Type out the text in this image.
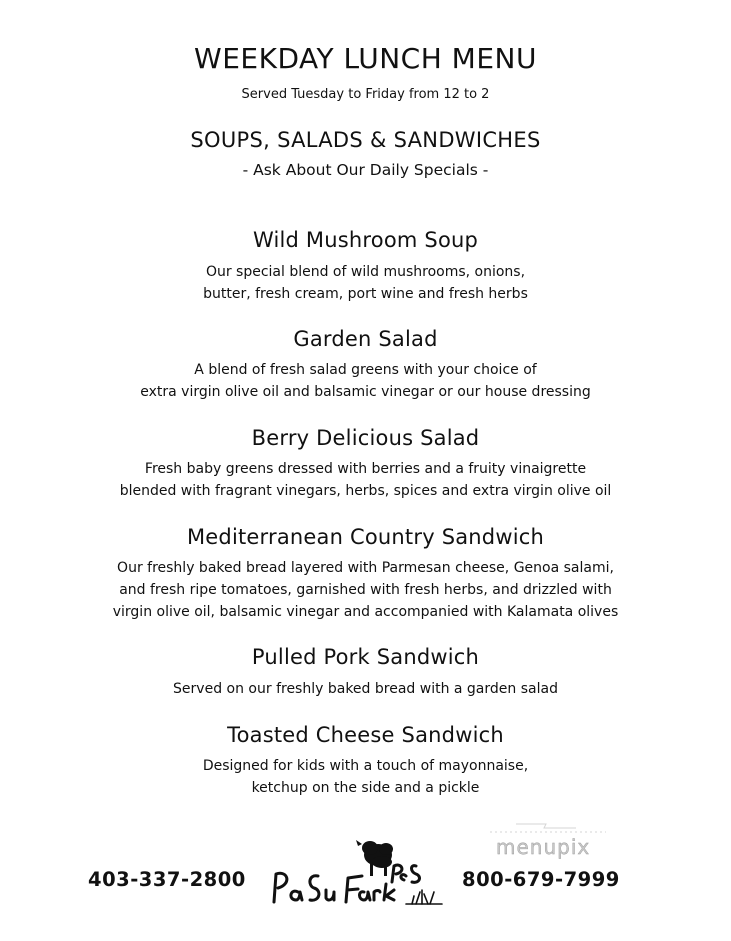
WEEKDAY LUNCH MENU
Served Tuesday to Friday from 12 to 2
SOUPS, SALADS & SANDWICHES
- Ask About Our Daily Specials -
Wild Mushroom Soup
Our special blend of wild mushrooms, onions,
butter, fresh cream, port wine and fresh herbs
Garden Salad
A blend of fresh salad greens with your choice of
extra virgin olive oil and balsamic vinegar or our house dressing
Berry Delicious Salad
Fresh baby greens dressed with berries and a fruity vinaigrette
blended with fragrant vinegars, herbs, spices and extra virgin olive oil
Mediterranean Country Sandwich
Our freshly baked bread layered with Parmesan cheese, Genoa salami,
and fresh ripe tomatoes, garnished with fresh herbs, and drizzled with
virgin olive oil, balsamic vinegar and accompanied with Kalamata olives
Pulled Pork Sandwich
Served on our freshly baked bread with a garden salad
Toasted Cheese Sandwich
Designed for kids with a touch of mayonnaise,
ketchup on the side and a pickle
403-337-2800	800-679-7999
menupix
